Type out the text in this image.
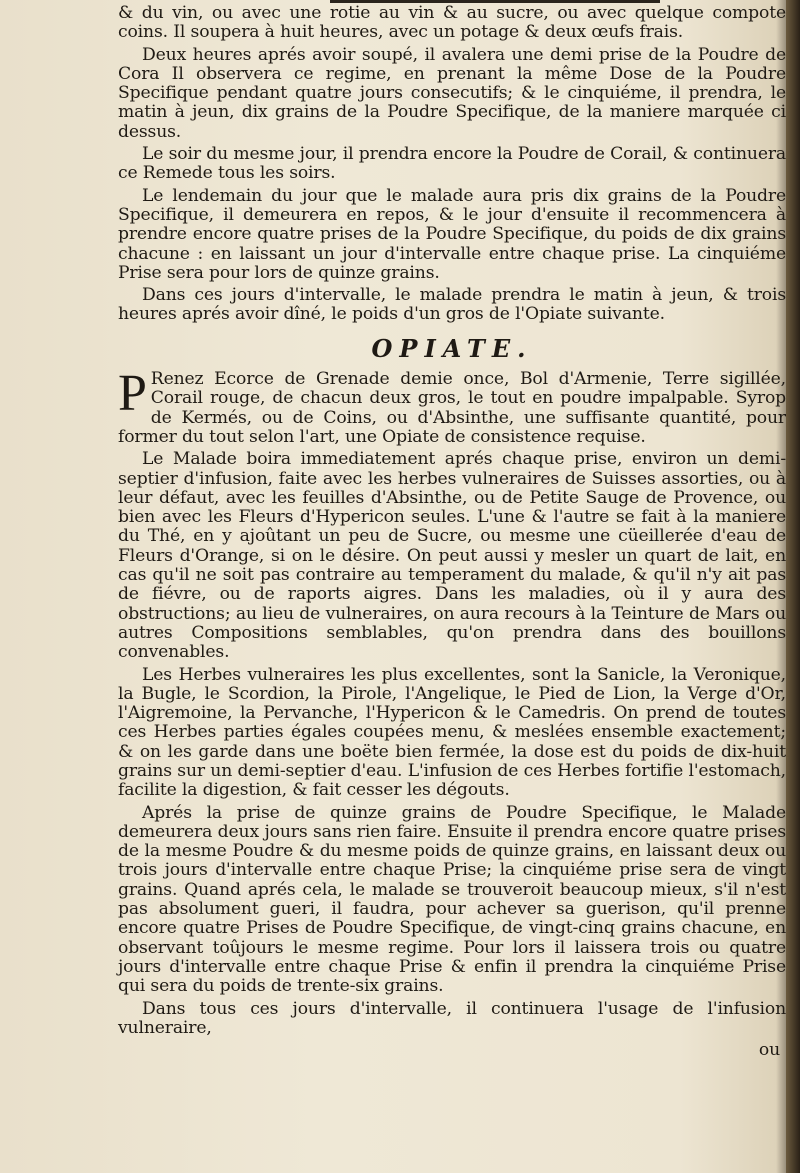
& du vin, ou avec une rotie au vin & au sucre, ou avec quelque compote coins. Il soupera à huit heures, avec un potage & deux œufs frais.

Deux heures aprés avoir soupé, il avalera une demi prise de la Poudre de Cora Il observera ce regime, en prenant la même Dose de la Poudre Specifique pendant quatre jours consecutifs; & le cinquiéme, il prendra, le matin à jeun, dix grains de la Poudre Specifique, de la maniere marquée ci dessus.

Le soir du mesme jour, il prendra encore la Poudre de Corail, & continuera ce Remede tous les soirs.

Le lendemain du jour que le malade aura pris dix grains de la Poudre Specifique, il demeurera en repos, & le jour d'ensuite il recommencera à prendre encore quatre prises de la Poudre Specifique, du poids de dix grains chacune : en laissant un jour d'intervalle entre chaque prise. La cinquiéme Prise sera pour lors de quinze grains.

Dans ces jours d'intervalle, le malade prendra le matin à jeun, & trois heures aprés avoir dîné, le poids d'un gros de l'Opiate suivante.

OPIATE.

P Renez Ecorce de Grenade demie once, Bol d'Armenie, Terre sigillée, Corail rouge, de chacun deux gros, le tout en poudre impalpable. Syrop de Kermés, ou de Coins, ou d'Absinthe, une suffisante quantité, pour former du tout selon l'art, une Opiate de consistence requise.

Le Malade boira immediatement aprés chaque prise, environ un demi-septier d'infusion, faite avec les herbes vulneraires de Suisses assorties, ou à leur défaut, avec les feuilles d'Absinthe, ou de Petite Sauge de Provence, ou bien avec les Fleurs d'Hypericon seules. L'une & l'autre se fait à la maniere du Thé, en y ajoûtant un peu de Sucre, ou mesme une cüeillerée d'eau de Fleurs d'Orange, si on le désire. On peut aussi y mesler un quart de lait, en cas qu'il ne soit pas contraire au temperament du malade, & qu'il n'y ait pas de fiévre, ou de raports aigres. Dans les maladies, où il y aura des obstructions; au lieu de vulneraires, on aura recours à la Teinture de Mars ou autres Compositions semblables, qu'on prendra dans des bouillons convenables.

Les Herbes vulneraires les plus excellentes, sont la Sanicle, la Veronique, la Bugle, le Scordion, la Pirole, l'Angelique, le Pied de Lion, la Verge d'Or, l'Aigremoine, la Pervanche, l'Hypericon & le Camedris. On prend de toutes ces Herbes parties égales coupées menu, & meslées ensemble exactement; & on les garde dans une boëte bien fermée, la dose est du poids de dix-huit grains sur un demi-septier d'eau. L'infusion de ces Herbes fortifie l'estomach, facilite la digestion, & fait cesser les dégouts.

Aprés la prise de quinze grains de Poudre Specifique, le Malade demeurera deux jours sans rien faire. Ensuite il prendra encore quatre prises de la mesme Poudre & du mesme poids de quinze grains, en laissant deux ou trois jours d'intervalle entre chaque Prise; la cinquiéme prise sera de vingt grains. Quand aprés cela, le malade se trouveroit beaucoup mieux, s'il n'est pas absolument gueri, il faudra, pour achever sa guerison, qu'il prenne encore quatre Prises de Poudre Specifique, de vingt-cinq grains chacune, en observant toûjours le mesme regime. Pour lors il laissera trois ou quatre jours d'intervalle entre chaque Prise & enfin il prendra la cinquiéme Prise qui sera du poids de trente-six grains.

Dans tous ces jours d'intervalle, il continuera l'usage de l'infusion vulneraire,

ou
